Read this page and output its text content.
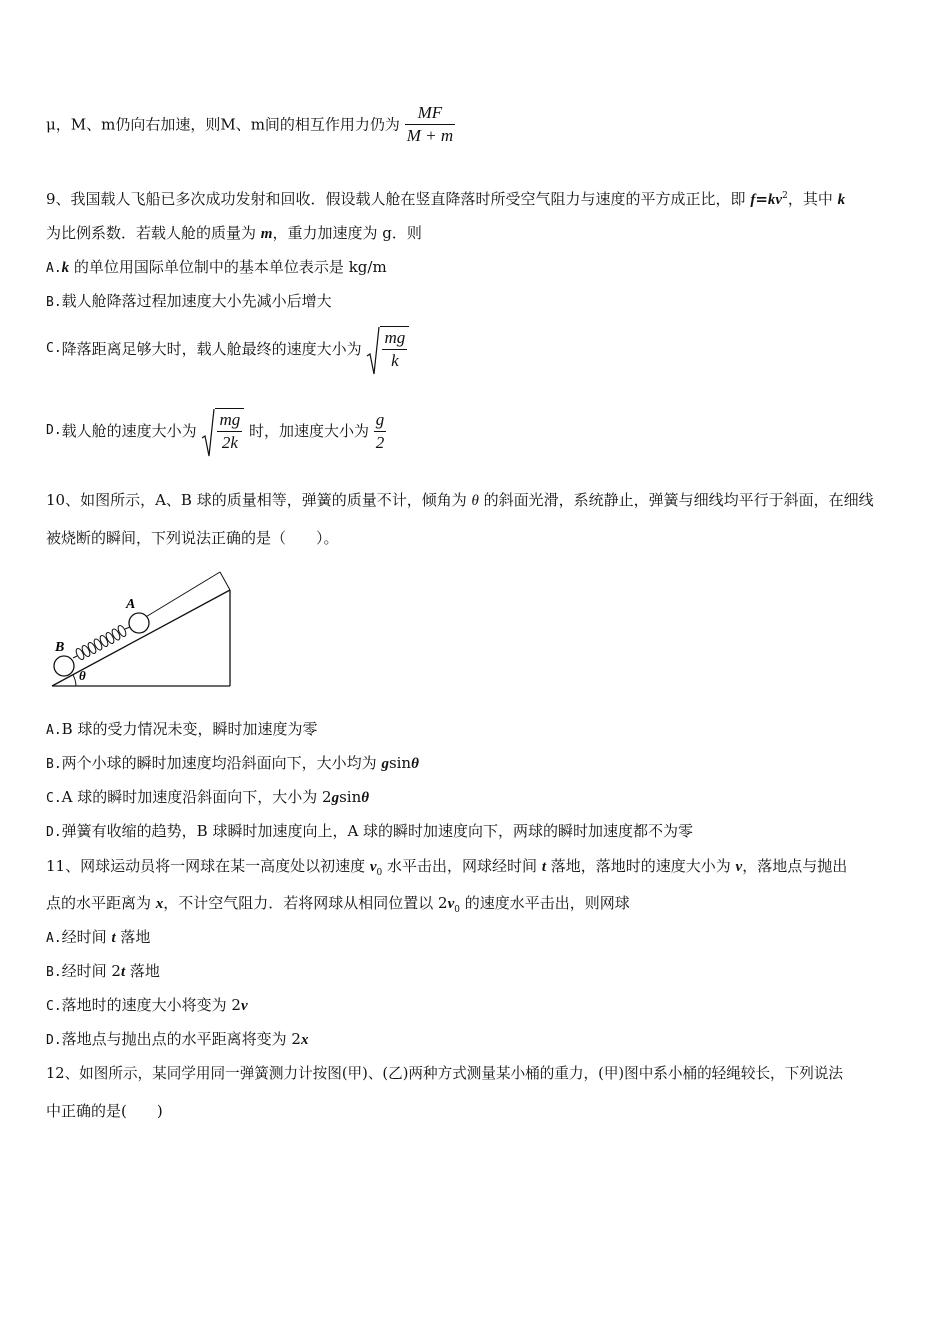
μ，M、m仍向右加速，则M、m间的相互作用力仍为 $\frac{MF}{M + m}$
9、我国载人飞船已多次成功发射和回收．假设载人舱在竖直降落时所受空气阻力与速度的平方成正比，即 $f=kv^2$，其中 k
为比例系数．若载人舱的质量为 m，重力加速度为 g．则
A.k 的单位用国际单位制中的基本单位表示是 kg/m
B.载人舱降落过程加速度大小先减小后增大
C.降落距离足够大时，载人舱最终的速度大小为 $\frac{mg}{k}$
D.载人舱的速度大小为 $\frac{mg}{2k}$ 时，加速度大小为 $\frac{g}{2}$
10、如图所示，A、B 球的质量相等，弹簧的质量不计，倾角为 θ 的斜面光滑，系统静止，弹簧与细线均平行于斜面，在细线
被烧断的瞬间，下列说法正确的是（　　）。
A
B
θ
A.B 球的受力情况未变，瞬时加速度为零
B.两个小球的瞬时加速度均沿斜面向下，大小均为 gsinθ
C.A 球的瞬时加速度沿斜面向下，大小为 2gsinθ
D.弹簧有收缩的趋势，B 球瞬时加速度向上，A 球的瞬时加速度向下，两球的瞬时加速度都不为零
11、网球运动员将一网球在某一高度处以初速度 $v_0$ 水平击出，网球经时间 t 落地，落地时的速度大小为 v，落地点与抛出
点的水平距离为 x，不计空气阻力．若将网球从相同位置以 $2v_0$ 的速度水平击出，则网球
A.经时间 t 落地
B.经时间 2t 落地
C.落地时的速度大小将变为 2v
D.落地点与抛出点的水平距离将变为 2x
12、如图所示，某同学用同一弹簧测力计按图(甲)、(乙)两种方式测量某小桶的重力，(甲)图中系小桶的轻绳较长，下列说法
中正确的是(　　)
